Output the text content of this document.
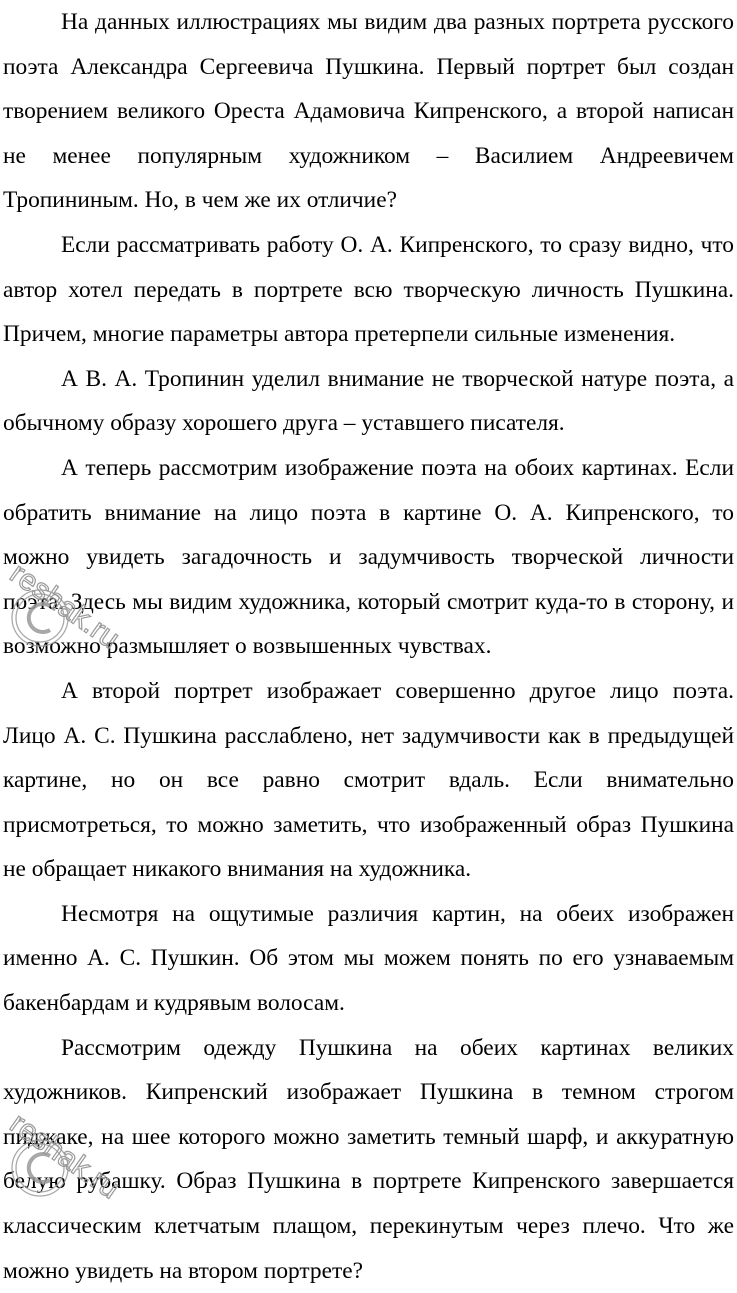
На данных иллюстрациях мы видим два разных портрета русского поэта Александра Сергеевича Пушкина. Первый портрет был создан творением великого Ореста Адамовича Кипренского, а второй написан не менее популярным художником – Василием Андреевичем Тропининым. Но, в чем же их отличие?

Если рассматривать работу О. А. Кипренского, то сразу видно, что автор хотел передать в портрете всю творческую личность Пушкина. Причем, многие параметры автора претерпели сильные изменения.

А В. А. Тропинин уделил внимание не творческой натуре поэта, а обычному образу хорошего друга – уставшего писателя.

А теперь рассмотрим изображение поэта на обоих картинах. Если обратить внимание на лицо поэта в картине О. А. Кипренского, то можно увидеть загадочность и задумчивость творческой личности поэта. Здесь мы видим художника, который смотрит куда-то в сторону, и возможно размышляет о возвышенных чувствах.

А второй портрет изображает совершенно другое лицо поэта. Лицо А. С. Пушкина расслаблено, нет задумчивости как в предыдущей картине, но он все равно смотрит вдаль. Если внимательно присмотреться, то можно заметить, что изображенный образ Пушкина не обращает никакого внимания на художника.

Несмотря на ощутимые различия картин, на обеих изображен именно А. С. Пушкин. Об этом мы можем понять по его узнаваемым бакенбардам и кудрявым волосам.

Рассмотрим одежду Пушкина на обеих картинах великих художников. Кипренский изображает Пушкина в темном строгом пиджаке, на шее которого можно заметить темный шарф, и аккуратную белую рубашку. Образ Пушкина в портрете Кипренского завершается классическим клетчатым плащом, перекинутым через плечо. Что же можно увидеть на втором портрете?

reshak.ru
reshak.ru
